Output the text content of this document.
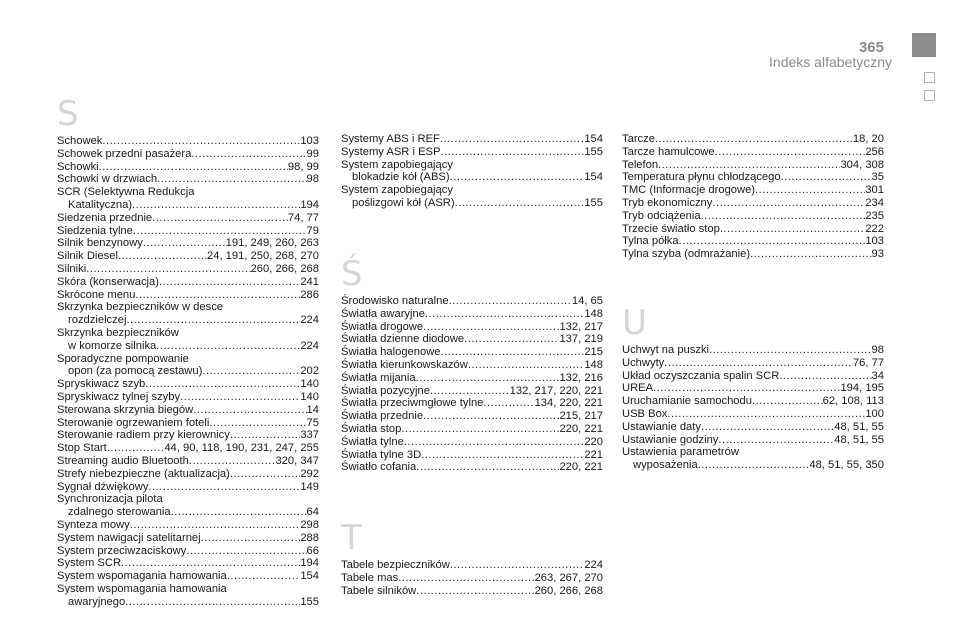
365
Indeks alfabetyczny
S
Schowek .....	103
Schowek przedni pasażera .....	99
Schowki .....	98, 99
Schowki w drzwiach .....	98
SCR (Selektywna Redukcja
Katalityczna) .....	194
Siedzenia przednie .....	74, 77
Siedzenia tylne .....	79
Silnik benzynowy .....	191, 249, 260, 263
Silnik Diesel .....	24, 191, 250, 268, 270
Silniki .....	260, 266, 268
Skóra (konserwacja) .....	241
Skrócone menu .....	286
Skrzynka bezpieczników w desce
rozdzielczej .....	224
Skrzynka bezpieczników
w komorze silnika .....	224
Sporadyczne pompowanie
opon (za pomocą zestawu) .....	202
Spryskiwacz szyb .....	140
Spryskiwacz tylnej szyby .....	140
Sterowana skrzynia biegów .....	14
Sterowanie ogrzewaniem foteli .....	75
Sterowanie radiem przy kierownicy .....	337
Stop Start .....	44, 90, 118, 190, 231, 247, 255
Streaming audio Bluetooth .....	320, 347
Strefy niebezpieczne (aktualizacja) .....	292
Sygnał dźwiękowy .....	149
Synchronizacja pilota
zdalnego sterowania .....	64
Synteza mowy .....	298
System nawigacji satelitarnej .....	288
System przeciwzaciskowy .....	66
System SCR .....	194
System wspomagania hamowania .....	154
System wspomagania hamowania
awaryjnego .....	155
Systemy ABS i REF .....	154
Systemy ASR i ESP .....	155
System zapobiegający
blokadzie kół (ABS) .....	154
System zapobiegający
poślizgowi kół (ASR) .....	155
Ś
Środowisko naturalne .....	14, 65
Światła awaryjne .....	148
Światła drogowe .....	132, 217
Światła dzienne diodowe .....	137, 219
Światła halogenowe .....	215
Światła kierunkowskazów .....	148
Światła mijania .....	132, 216
Światła pozycyjne .....	132, 217, 220, 221
Światła przeciwmgłowe tylne .....	134, 220, 221
Światła przednie .....	215, 217
Światła stop .....	220, 221
Światła tylne .....	220
Światła tylne 3D .....	221
Światło cofania .....	220, 221
T
Tabele bezpieczników .....	224
Tabele mas .....	263, 267, 270
Tabele silników .....	260, 266, 268
Tarcze .....	18, 20
Tarcze hamulcowe .....	256
Telefon .....	304, 308
Temperatura płynu chłodzącego .....	35
TMC (Informacje drogowe) .....	301
Tryb ekonomiczny .....	234
Tryb odciążenia .....	235
Trzecie światło stop .....	222
Tylna półka .....	103
Tylna szyba (odmrażanie) .....	93
U
Uchwyt na puszki .....	98
Uchwyty .....	76, 77
Układ oczyszczania spalin SCR .....	34
UREA .....	194, 195
Uruchamianie samochodu .....	62, 108, 113
USB Box .....	100
Ustawianie daty .....	48, 51, 55
Ustawianie godziny .....	48, 51, 55
Ustawienia parametrów
wyposażenia .....	48, 51, 55, 350
